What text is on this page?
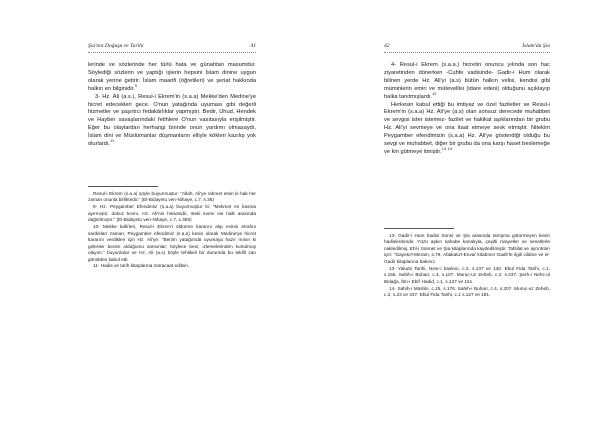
Şia'nın Doğuşu ve Tarihi	41

lerinde ve sözlerinde her türlü hata ve günahtan masumdur. Söylediği sözlerin ve yaptığı işlerin hepsini İslam dinine uygun olarak yerine getirir. İslam maarifi (öğretileri) ve şeriat hakkında halkın en bilginidir.$^9$

3- Hz. Ali (a.s.), Resul-i Ekrem'in (s.a.a) Mekke'den Medine'ye hicret edecekleri gece. O'nun yatağında uyuması gibi değerli hizmetler ve şaşırtıcı fedakârlıklar yapmıştır. Bedir, Uhud, Hendek ve Hayber savaşlarındaki fetihlere O'nun vasıtasıyla erişilmiştir. Eğer bu olaylardan herhangi birinde onun yardımı olmasaydı, İslam dini ve Müslümanlar düşmanların elliyle kökleri kazılıp yok olurlardı.$^{11}$

Resul-i Ekrem (s.a.a) şöyle buyurmuştur: "Allah, Ali'ye rahmet etsin ki hak her zaman onunla birliktedir." (El-Bidayetu ven-Nihaye, c.7, s.36)

9- Hz. Peygamber Efendimiz (s.a.a) buyurmuştur ki: "Mekmet en kasma ayırmıştır, dokuz kısmı, Hz. Ali'nin hissesidir, öteki kısmı ise halk arasında dağıtılmıştır." (El-Bidayetu ven-Nihaye, c.7, s.359)

10- Mekke kafirleri, Resul-i Ekrem'i öldürme kararını alıp evinin etrafını sardıkları zaman, Peygamber efendimiz (s.a.a) kesin olarak Medine'ye hicret kararını verdikleri için Hz. Ali'ye: "Benim yatağımda uyumaya hazır mısın ki gelenler benim olduğumu sansınlar; böylece beni, izlemelerinden kurtulmuş olayım." buyurdular ve Hz. Ali (a.s) böyle tehlikeli bir durumda bu teklifi can gönülden kabul etti.

11- Hadis ve tarih kitaplarına müracaat edilsin.

42	İslam'da Şia

4- Resul-i Ekrem (s.a.a.) hicretin onuncu yılında son hac ziyaretinden dönerken -Cuhfe vadisinde- Gadir-i Hum olarak bilinen yerde Hz. Ali'yi (a.s) bütün halkın velisi, kendisi gibi müminlerin emiri ve mütevellisi (idare edeni) olduğunu açıklayıp halka tanıtmışlardı.$^{12}$

Herkesin kabul ettiği bu imtiyaz ve özel faziletler ve Resul-i Ekrem'in (s.a.a) Hz. Ali'ye (a.s) olan sonsuz derecede muhabbet ve sevgisi ister istemez- fazilet ve hakikat aşıklarından bir grubu Hz. Ali'yi sevmeye ve ona itaat etmeye sevk etmiştir. Nitekim Peygamber efendimizin (s.a.a) Hz. Ali'ye gösterdiği olduğu bu sevgi ve muhabbet, diğer bir grubu da ona karşı haset beslemeğe ve kin gütmeye itmiştir.$^{13}$ $^{14}$

13- Gadir-i Hum hadisi Sünni ve Şia arasında tartışma götürmeyen kesin hadislerdendir. Yüzü aşkın sahabe kanalıyla, çeşitli rivayetler ve senetlerle nakledilmiş. Ehl-i Sünnet ve Şia kitaplarında kaydedilmiştir. Tafsilat ve ayrıntıları için: "Gayetu'l-Meram, s.79, Abakatu'l-Envar kitabının Gadir'le ilgili cildine ve el-Gadir kitaplarına bakınız.

13- Yakubi Tarihi, Nesr-i baskısı, c.2, s.137 ve 140. Ebul Fida Tarihi, c.1, s.156. Sahih-i Buhari, c.4, s.107. Muruc-uz Zeheb, c.2, s.437. Şerh-i Nehc-ul Belağa, İbn-i Ebi'l Hadid, c.1, s.127 ve 161.

14- Sahih-i Müslim, c.15, s.176. Sahih-i Buhari, c.4, s.207. Muruc-uz Zeheb, c.2, s.23 ve 437. Ebul Fida Tarihi, c.1 s.127 ve 181.
